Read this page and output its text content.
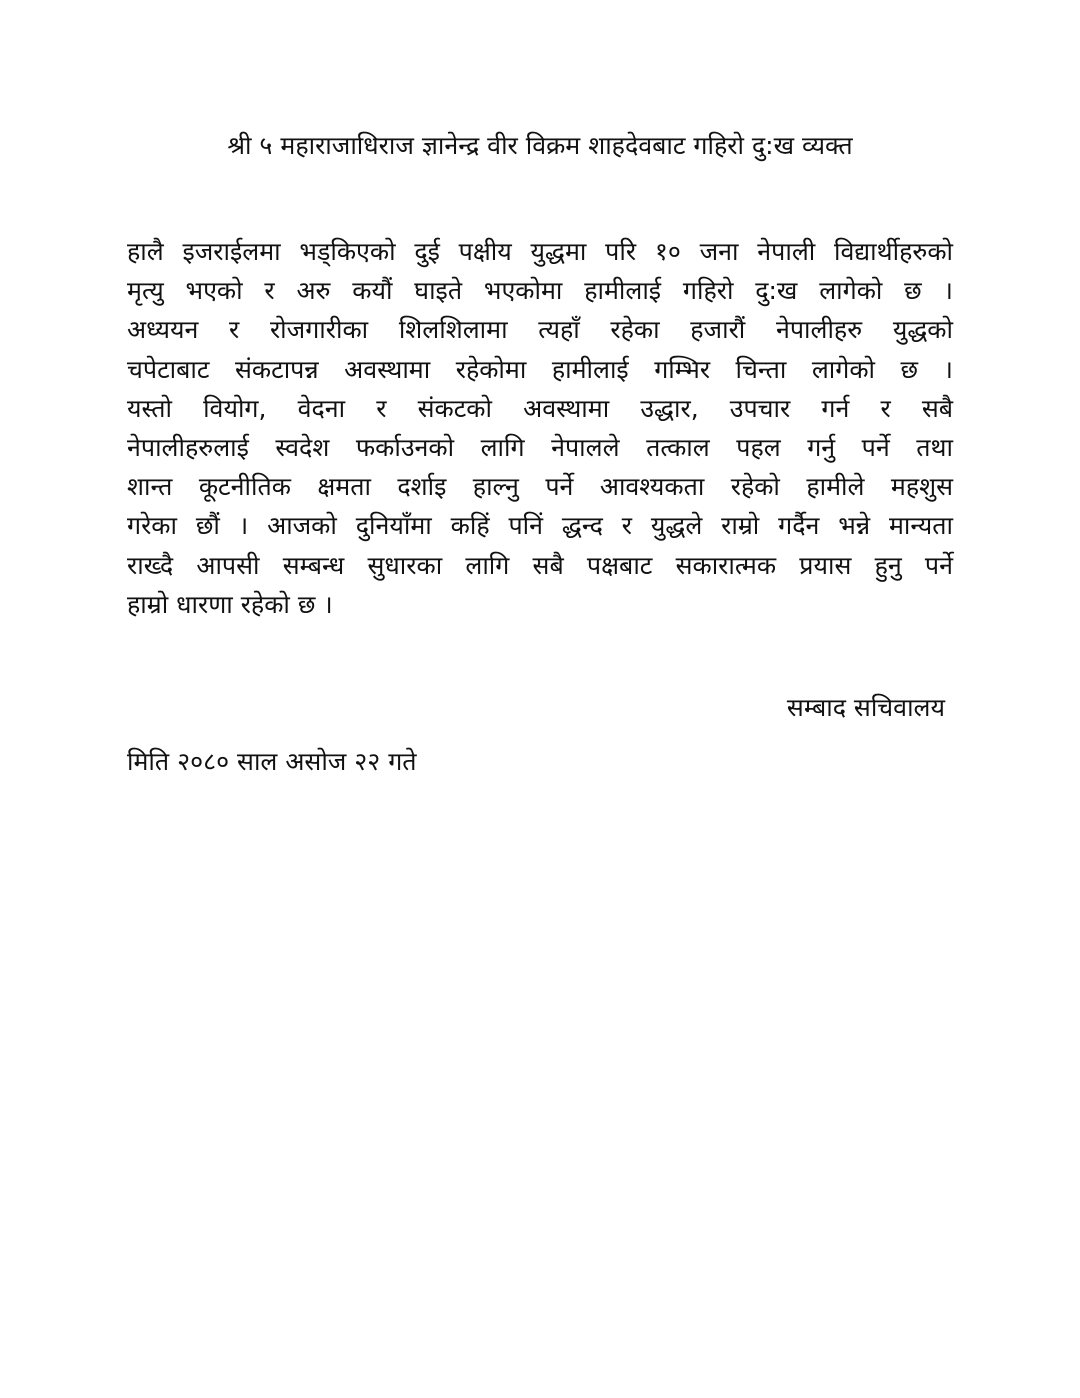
श्री ५ महाराजाधिराज ज्ञानेन्द्र वीर विक्रम शाहदेवबाट गहिरो दु:ख व्यक्त
हालै इजराईलमा भड्किएको दुई पक्षीय युद्धमा परि १० जना नेपाली विद्यार्थीहरुको
मृत्यु भएको र अरु कयौं घाइते भएकोमा हामीलाई गहिरो दु:ख लागेको छ ।
अध्ययन र रोजगारीका शिलशिलामा त्यहाँ रहेका हजारौं नेपालीहरु युद्धको
चपेटाबाट संकटापन्न अवस्थामा रहेकोमा हामीलाई गम्भिर चिन्ता लागेको छ ।
यस्तो वियोग, वेदना र संकटको अवस्थामा उद्धार, उपचार गर्न र सबै
नेपालीहरुलाई स्वदेश फर्काउनको लागि नेपालले तत्काल पहल गर्नु पर्ने तथा
शान्त कूटनीतिक क्षमता दर्शाइ हाल्नु पर्ने आवश्यकता रहेको हामीले महशुस
गरेका छौं । आजको दुनियाँमा कहिं पनिं द्धन्द र युद्धले राम्रो गर्दैन भन्ने मान्यता
राख्दै आपसी सम्बन्ध सुधारका लागि सबै पक्षबाट सकारात्मक प्रयास हुनु पर्ने
हाम्रो धारणा रहेको छ ।
सम्बाद सचिवालय
मिति २०८० साल असोज २२ गते
